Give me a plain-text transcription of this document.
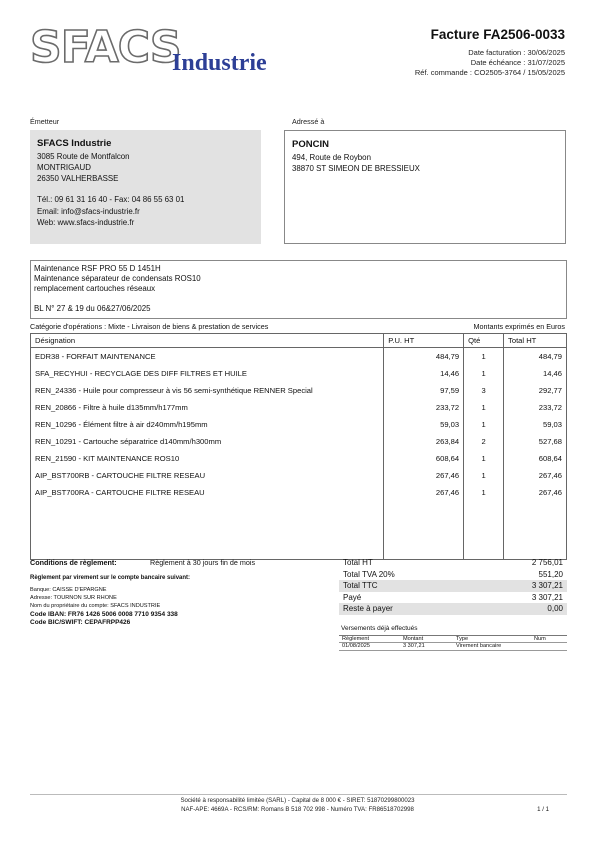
SFACS
Industrie
Facture FA2506-0033
Date facturation : 30/06/2025
Date échéance : 31/07/2025
Réf. commande : CO2505-3764 / 15/05/2025
Émetteur
SFACS Industrie
3085 Route de Montfalcon
MONTRIGAUD
26350 VALHERBASSE
Tél.: 09 61 31 16 40 - Fax: 04 86 55 63 01
Email: info@sfacs-industrie.fr
Web: www.sfacs-industrie.fr
Adressé à
PONCIN
494, Route de Roybon
38870 ST SIMEON DE BRESSIEUX
Maintenance RSF PRO 55 D 1451H
Maintenance séparateur de condensats ROS10
remplacement cartouches réseaux
BL N° 27 & 19 du 06&27/06/2025
Catégorie d'opérations : Mixte - Livraison de biens & prestation de services	Montants exprimés en Euros
Désignation	P.U. HT	Qté	Total HT
EDR38 - FORFAIT MAINTENANCE	484,79	1	484,79
SFA_RECYHUI - RECYCLAGE DES DIFF FILTRES ET HUILE	14,46	1	14,46
REN_24336 - Huile pour compresseur à vis 56 semi-synthétique RENNER Special	97,59	3	292,77
REN_20866 - Filtre à huile d135mm/h177mm	233,72	1	233,72
REN_10296 - Élément filtre à air d240mm/h195mm	59,03	1	59,03
REN_10291 - Cartouche séparatrice d140mm/h300mm	263,84	2	527,68
REN_21590 - KIT MAINTENANCE ROS10	608,64	1	608,64
AIP_BST700RB - CARTOUCHE FILTRE RESEAU	267,46	1	267,46
AIP_BST700RA - CARTOUCHE FILTRE RESEAU	267,46	1	267,46

Conditions de règlement:	Règlement à 30 jours fin de mois
Règlement par virement sur le compte bancaire suivant:
Banque: CAISSE D'EPARGNE
Adresse: TOURNON SUR RHONE
Nom du propriétaire du compte: SFACS INDUSTRIE
Code IBAN: FR76 1426 5006 0008 7710 9354 338
Code BIC/SWIFT: CEPAFRPP426
Total HT	2 756,01
Total TVA 20%	551,20
Total TTC	3 307,21
Payé	3 307,21
Reste à payer	0,00
Versements déjà effectués
Règlement	Montant	Type	Num
01/08/2025	3 307,21	Virement bancaire
Société à responsabilité limitée (SARL) - Capital de 8 000 € - SIRET: 51870299800023
NAF-APE: 4669A - RCS/RM: Romans B 518 702 998 - Numéro TVA: FR86518702998	1 / 1
